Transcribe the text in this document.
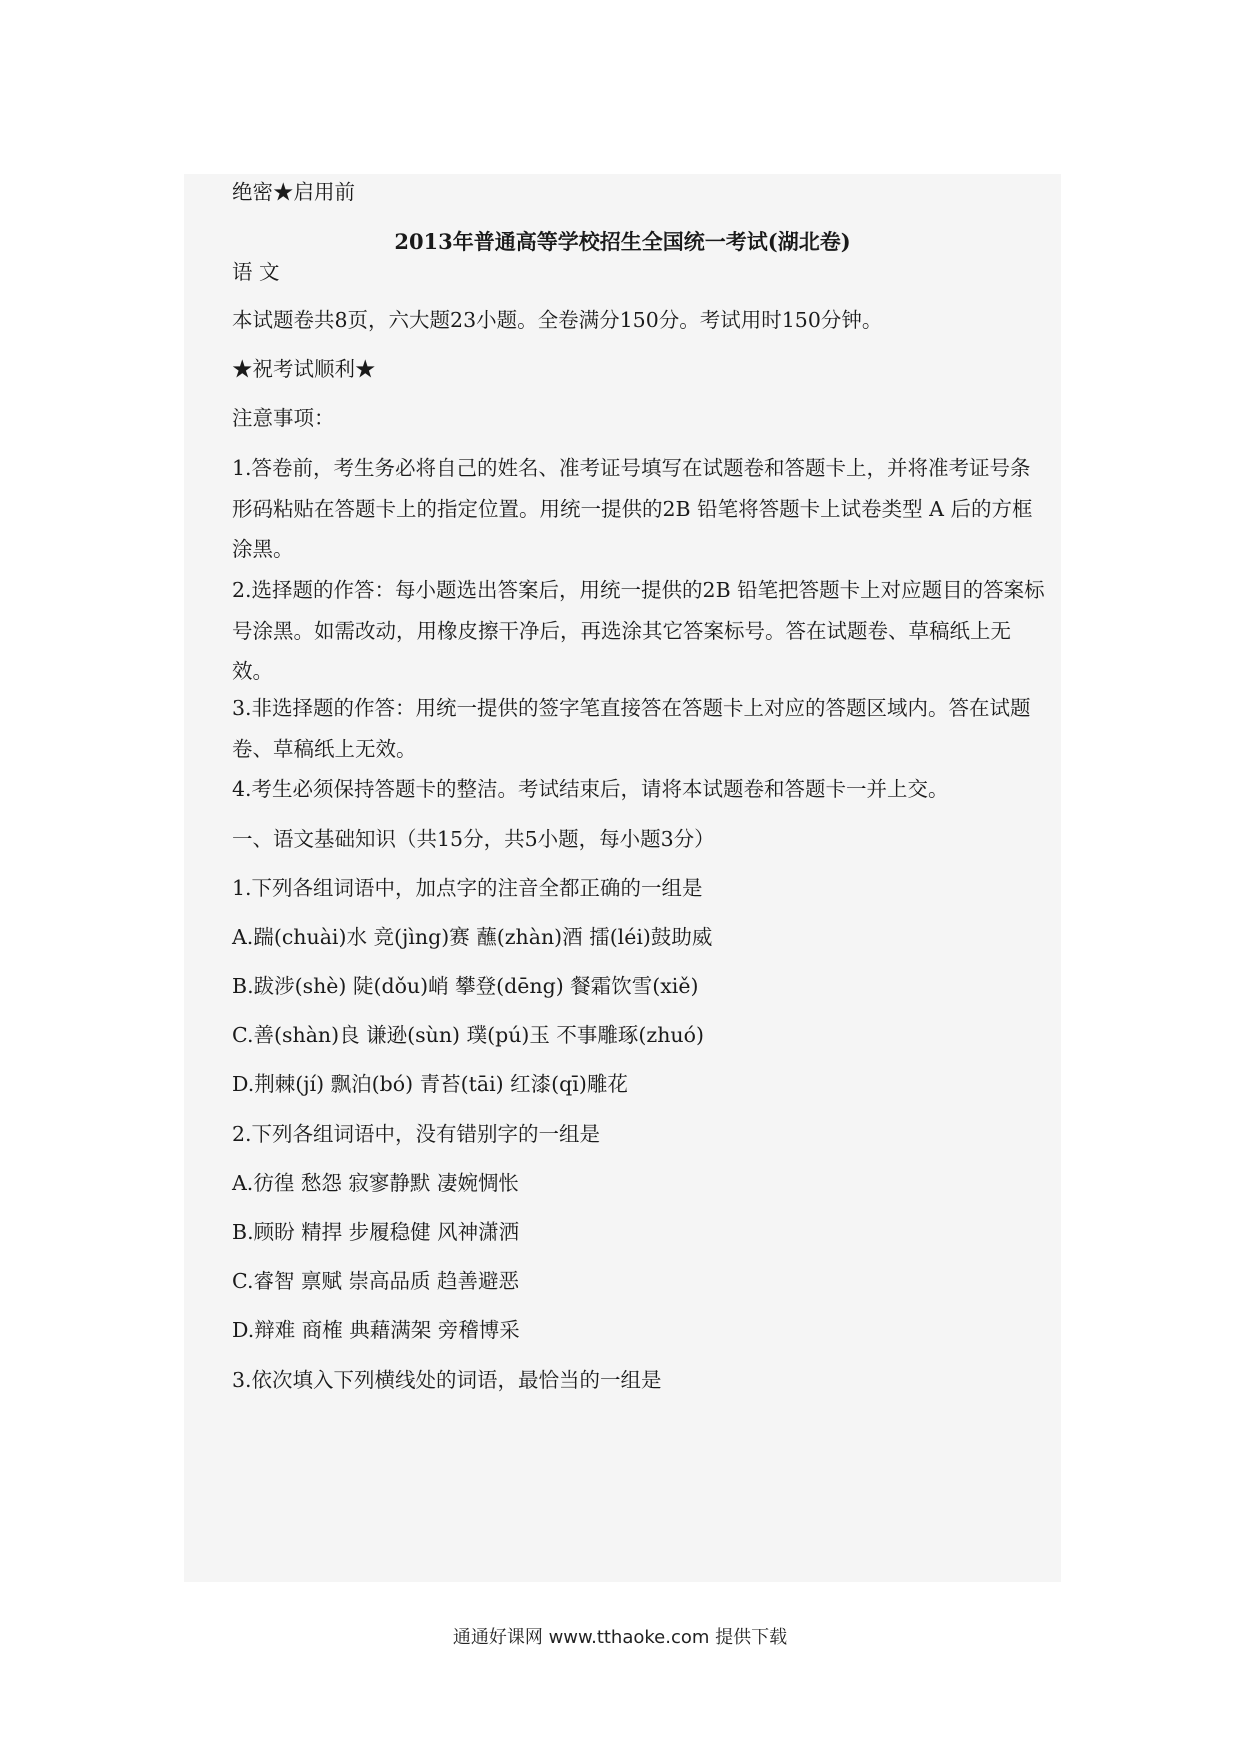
绝密★启用前
2013年普通高等学校招生全国统一考试(湖北卷)
语 文
本试题卷共8页，六大题23小题。全卷满分150分。考试用时150分钟。
★祝考试顺利★
注意事项：
1.答卷前，考生务必将自己的姓名、准考证号填写在试题卷和答题卡上，并将准考证号条形码粘贴在答题卡上的指定位置。用统一提供的2B 铅笔将答题卡上试卷类型 A 后的方框涂黑。
2.选择题的作答：每小题选出答案后，用统一提供的2B 铅笔把答题卡上对应题目的答案标号涂黑。如需改动，用橡皮擦干净后，再选涂其它答案标号。答在试题卷、草稿纸上无效。
3.非选择题的作答：用统一提供的签字笔直接答在答题卡上对应的答题区域内。答在试题卷、草稿纸上无效。
4.考生必须保持答题卡的整洁。考试结束后，请将本试题卷和答题卡一并上交。
一、语文基础知识（共15分，共5小题，每小题3分）
1.下列各组词语中，加点字的注音全都正确的一组是
A.踹(chuài)水 竞(jìng)赛 蘸(zhàn)酒 擂(léi)鼓助威
B.跋涉(shè) 陡(dǒu)峭 攀登(dēng) 餐霜饮雪(xiě)
C.善(shàn)良 谦逊(sùn) 璞(pú)玉 不事雕琢(zhuó)
D.荆棘(jí) 飘泊(bó) 青苔(tāi) 红漆(qī)雕花
2.下列各组词语中，没有错别字的一组是
A.彷徨 愁怨 寂寥静默 凄婉惆怅
B.顾盼 精捍 步履稳健 风神潇洒
C.睿智 禀赋 崇高品质 趋善避恶
D.辩难 商榷 典藉满架 旁稽博采
3.依次填入下列横线处的词语，最恰当的一组是
通通好课网 www.tthaoke.com 提供下载
